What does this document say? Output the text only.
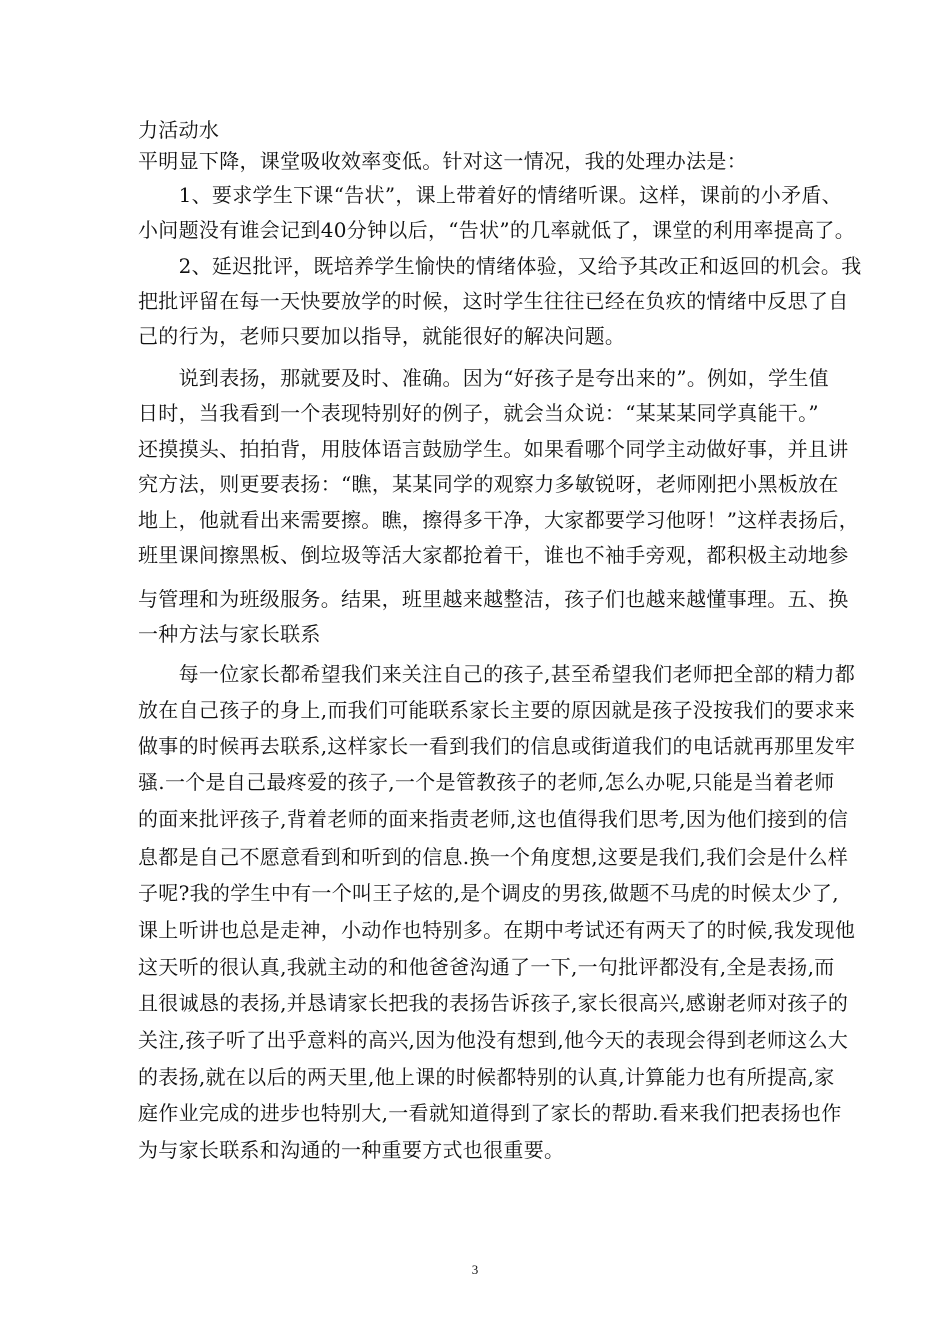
力活动水
平明显下降，课堂吸收效率变低。针对这一情况，我的处理办法是：
　　1、要求学生下课“告状”，课上带着好的情绪听课。这样，课前的小矛盾、
小问题没有谁会记到40分钟以后，“告状”的几率就低了，课堂的利用率提高了。
　　2、延迟批评，既培养学生愉快的情绪体验，又给予其改正和返回的机会。我
把批评留在每一天快要放学的时候，这时学生往往已经在负疚的情绪中反思了自
己的行为，老师只要加以指导，就能很好的解决问题。
　　说到表扬，那就要及时、准确。因为“好孩子是夸出来的”。例如，学生值
日时，当我看到一个表现特别好的例子，就会当众说：“某某某同学真能干。”
还摸摸头、拍拍背，用肢体语言鼓励学生。如果看哪个同学主动做好事，并且讲
究方法，则更要表扬：“瞧，某某同学的观察力多敏锐呀，老师刚把小黑板放在
地上，他就看出来需要擦。瞧，擦得多干净，大家都要学习他呀！”这样表扬后，
班里课间擦黑板、倒垃圾等活大家都抢着干，谁也不袖手旁观，都积极主动地参
与管理和为班级服务。结果，班里越来越整洁，孩子们也越来越懂事理。五、换
一种方法与家长联系
　　每一位家长都希望我们来关注自己的孩子,甚至希望我们老师把全部的精力都
放在自己孩子的身上,而我们可能联系家长主要的原因就是孩子没按我们的要求来
做事的时候再去联系,这样家长一看到我们的信息或街道我们的电话就再那里发牢
骚.一个是自己最疼爱的孩子,一个是管教孩子的老师,怎么办呢,只能是当着老师
的面来批评孩子,背着老师的面来指责老师,这也值得我们思考,因为他们接到的信
息都是自己不愿意看到和听到的信息.换一个角度想,这要是我们,我们会是什么样
子呢?我的学生中有一个叫王子炫的,是个调皮的男孩,做题不马虎的时候太少了,
课上听讲也总是走神，小动作也特别多。在期中考试还有两天了的时候,我发现他
这天听的很认真,我就主动的和他爸爸沟通了一下,一句批评都没有,全是表扬,而
且很诚恳的表扬,并恳请家长把我的表扬告诉孩子,家长很高兴,感谢老师对孩子的
关注,孩子听了出乎意料的高兴,因为他没有想到,他今天的表现会得到老师这么大
的表扬,就在以后的两天里,他上课的时候都特别的认真,计算能力也有所提高,家
庭作业完成的进步也特别大,一看就知道得到了家长的帮助.看来我们把表扬也作
为与家长联系和沟通的一种重要方式也很重要。
3
